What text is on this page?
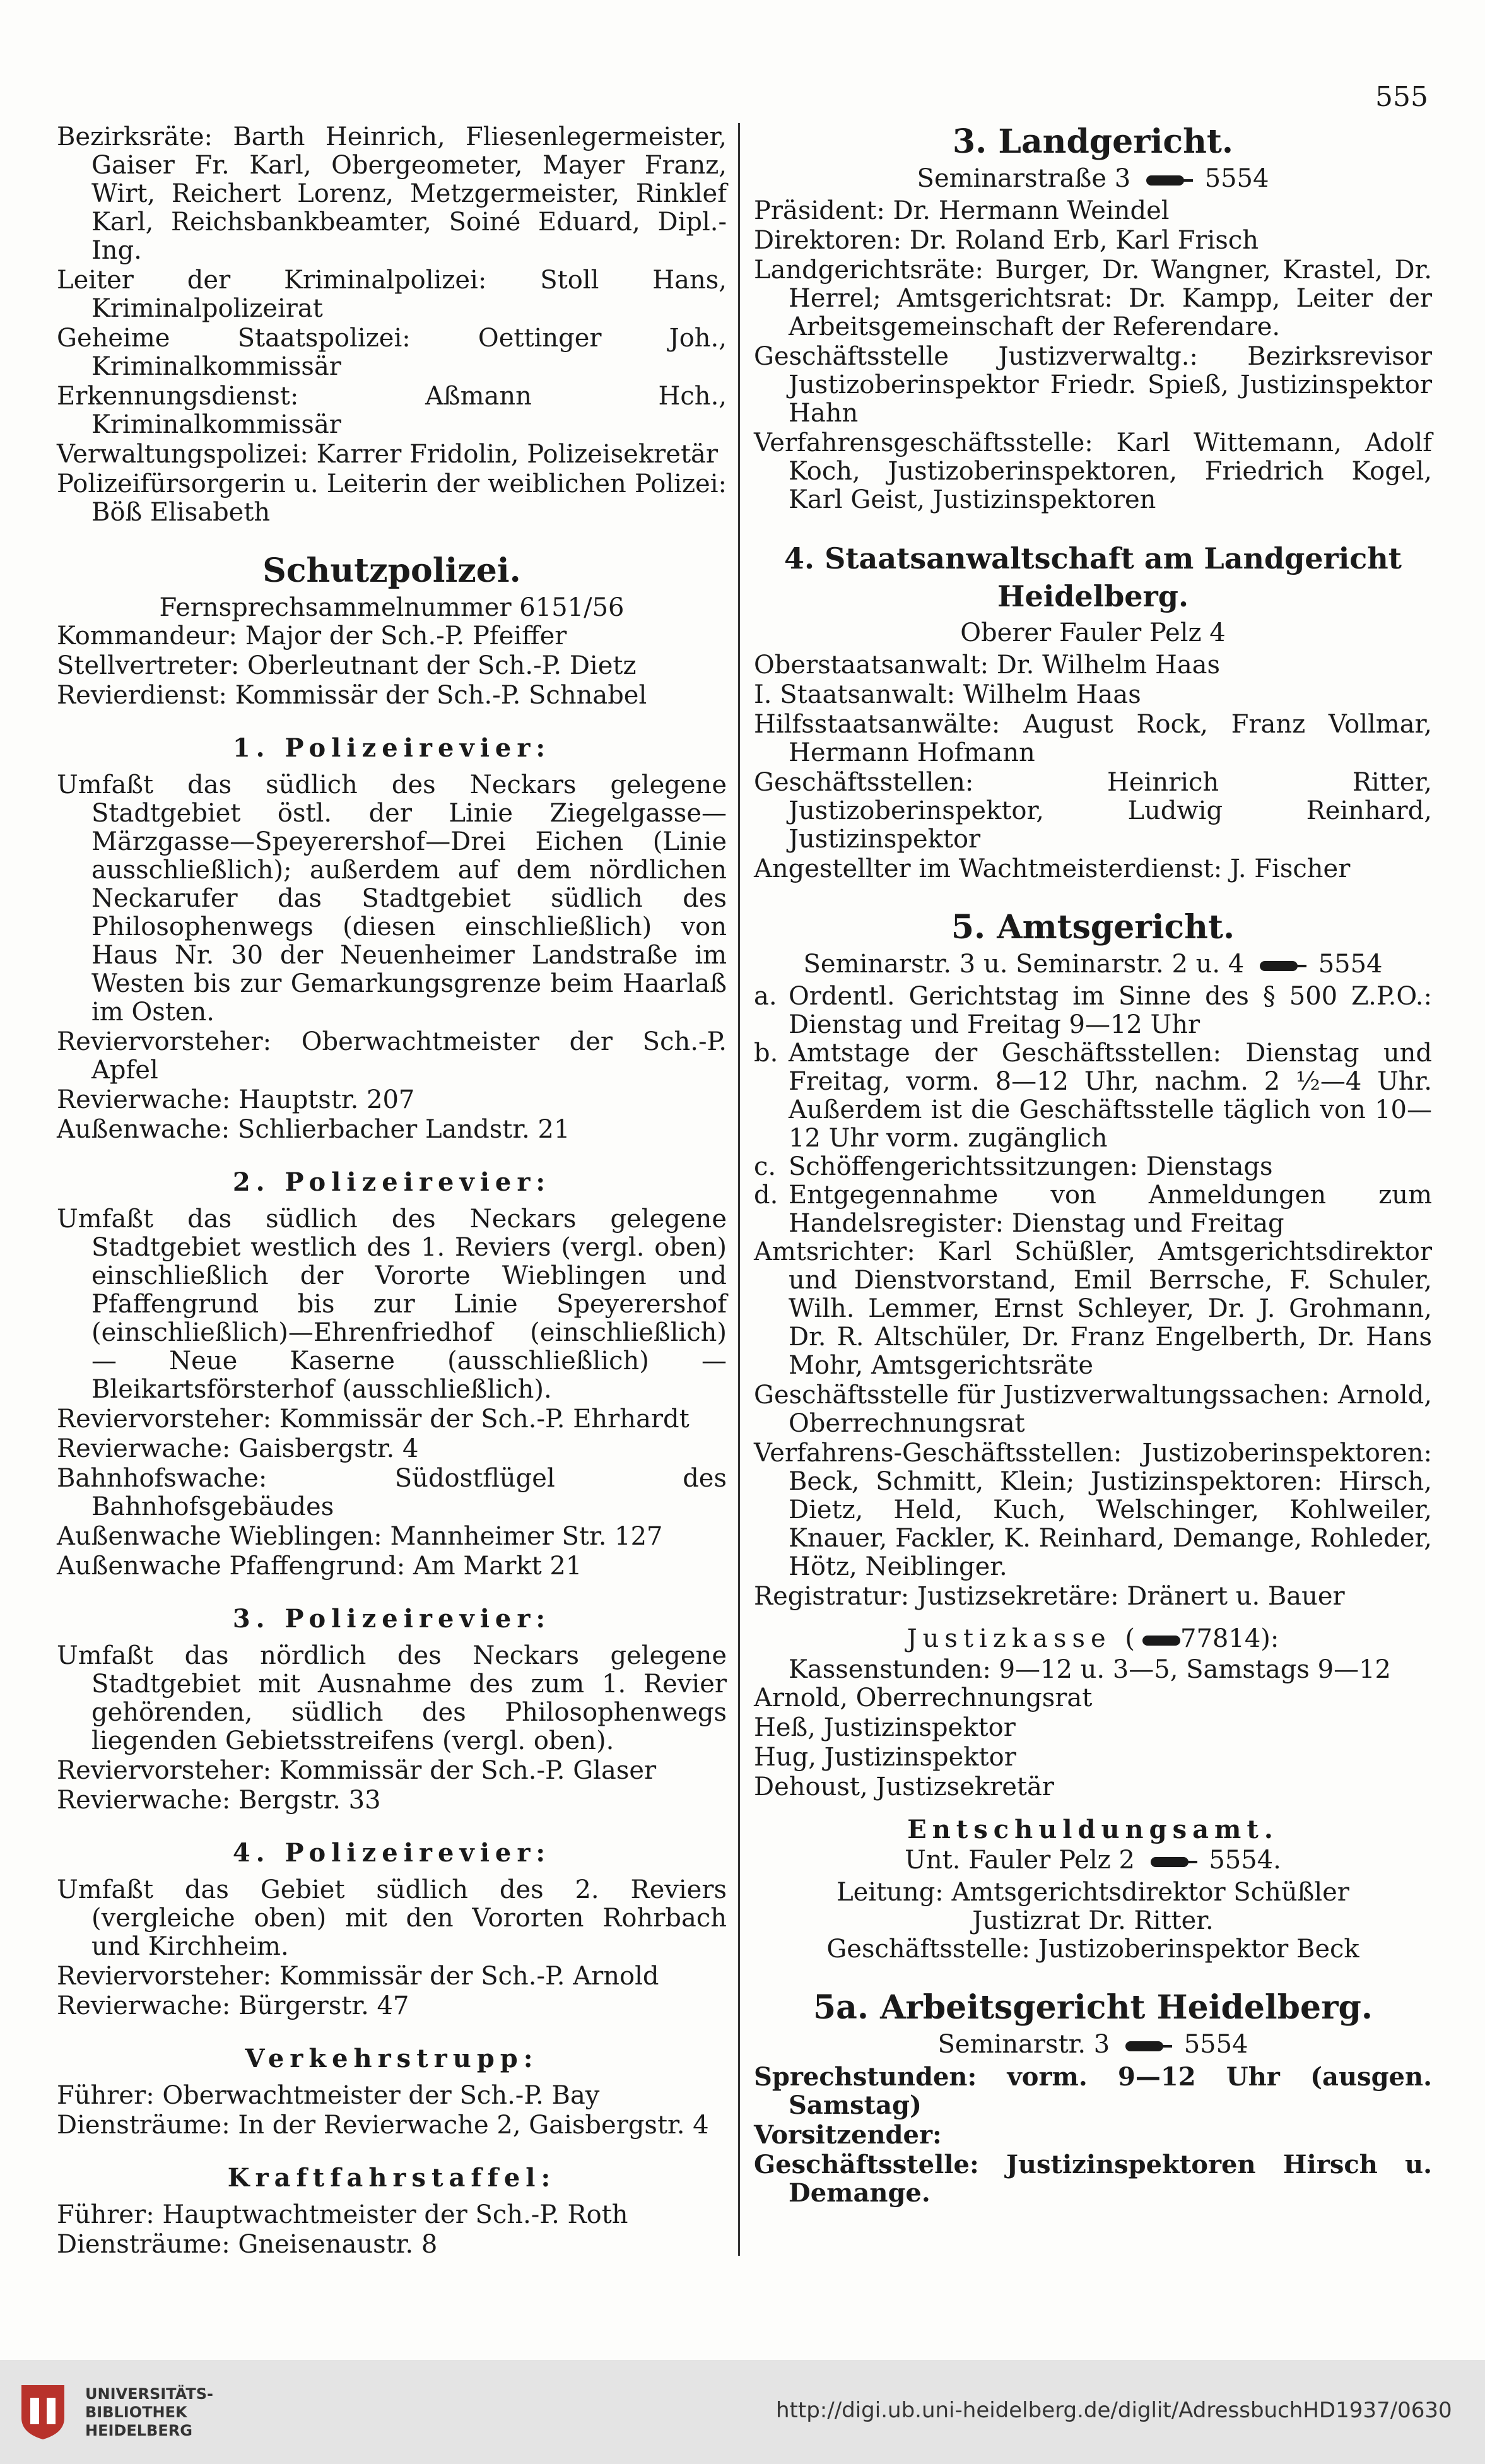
555

Bezirksräte: Barth Heinrich, Fliesenlegermeister, Gaiser Fr. Karl, Obergeometer, Mayer Franz, Wirt, Reichert Lorenz, Metzgermeister, Rinklef Karl, Reichsbankbeamter, Soiné Eduard, Dipl.-Ing.

Leiter der Kriminalpolizei: Stoll Hans, Kriminalpolizeirat

Geheime Staatspolizei: Oettinger Joh., Kriminalkommissär

Erkennungsdienst: Aßmann Hch., Kriminalkommissär

Verwaltungspolizei: Karrer Fridolin, Polizeisekretär

Polizeifürsorgerin u. Leiterin der weiblichen Polizei: Böß Elisabeth

Schutzpolizei.

Fernsprechsammelnummer 6151/56

Kommandeur: Major der Sch.-P. Pfeiffer

Stellvertreter: Oberleutnant der Sch.-P. Dietz

Revierdienst: Kommissär der Sch.-P. Schnabel

1. Polizeirevier:

Umfaßt das südlich des Neckars gelegene Stadtgebiet östl. der Linie Ziegelgasse—Märzgasse—Speyerershof—Drei Eichen (Linie ausschließlich); außerdem auf dem nördlichen Neckarufer das Stadtgebiet südlich des Philosophenwegs (diesen einschließlich) von Haus Nr. 30 der Neuenheimer Landstraße im Westen bis zur Gemarkungsgrenze beim Haarlaß im Osten.

Reviervorsteher: Oberwachtmeister der Sch.-P. Apfel

Revierwache: Hauptstr. 207

Außenwache: Schlierbacher Landstr. 21

2. Polizeirevier:

Umfaßt das südlich des Neckars gelegene Stadtgebiet westlich des 1. Reviers (vergl. oben) einschließlich der Vororte Wieblingen und Pfaffengrund bis zur Linie Speyerershof (einschließlich)—Ehrenfriedhof (einschließlich) — Neue Kaserne (ausschließlich) — Bleikartsförsterhof (ausschließlich).

Reviervorsteher: Kommissär der Sch.-P. Ehrhardt

Revierwache: Gaisbergstr. 4

Bahnhofswache: Südostflügel des Bahnhofsgebäudes

Außenwache Wieblingen: Mannheimer Str. 127

Außenwache Pfaffengrund: Am Markt 21

3. Polizeirevier:

Umfaßt das nördlich des Neckars gelegene Stadtgebiet mit Ausnahme des zum 1. Revier gehörenden, südlich des Philosophenwegs liegenden Gebietsstreifens (vergl. oben).

Reviervorsteher: Kommissär der Sch.-P. Glaser

Revierwache: Bergstr. 33

4. Polizeirevier:

Umfaßt das Gebiet südlich des 2. Reviers (vergleiche oben) mit den Vororten Rohrbach und Kirchheim.

Reviervorsteher: Kommissär der Sch.-P. Arnold

Revierwache: Bürgerstr. 47

Verkehrstrupp:

Führer: Oberwachtmeister der Sch.-P. Bay

Diensträume: In der Revierwache 2, Gaisbergstr. 4

Kraftfahrstaffel:

Führer: Hauptwachtmeister der Sch.-P. Roth

Diensträume: Gneisenaustr. 8

3. Landgericht.

Seminarstraße 3	5554

Präsident: Dr. Hermann Weindel

Direktoren: Dr. Roland Erb, Karl Frisch

Landgerichtsräte: Burger, Dr. Wangner, Krastel, Dr. Herrel; Amtsgerichtsrat: Dr. Kampp, Leiter der Arbeitsgemeinschaft der Referendare.

Geschäftsstelle Justizverwaltg.: Bezirksrevisor Justizoberinspektor Friedr. Spieß, Justizinspektor Hahn

Verfahrensgeschäftsstelle: Karl Wittemann, Adolf Koch, Justizoberinspektoren, Friedrich Kogel, Karl Geist, Justizinspektoren

4. Staatsanwaltschaft am Landgericht Heidelberg.

Oberer Fauler Pelz 4

Oberstaatsanwalt: Dr. Wilhelm Haas

I. Staatsanwalt: Wilhelm Haas

Hilfsstaatsanwälte: August Rock, Franz Vollmar, Hermann Hofmann

Geschäftsstellen: Heinrich Ritter, Justizoberinspektor, Ludwig Reinhard, Justizinspektor

Angestellter im Wachtmeisterdienst: J. Fischer

5. Amtsgericht.

Seminarstr. 3 u. Seminarstr. 2 u. 4	5554

a. Ordentl. Gerichtstag im Sinne des § 500 Z.P.O.: Dienstag und Freitag 9—12 Uhr
b. Amtstage der Geschäftsstellen: Dienstag und Freitag, vorm. 8—12 Uhr, nachm. 2 ½—4 Uhr. Außerdem ist die Geschäftsstelle täglich von 10—12 Uhr vorm. zugänglich
c. Schöffengerichtssitzungen: Dienstags
d. Entgegennahme von Anmeldungen zum Handelsregister: Dienstag und Freitag

Amtsrichter: Karl Schüßler, Amtsgerichtsdirektor und Dienstvorstand, Emil Berrsche, F. Schuler, Wilh. Lemmer, Ernst Schleyer, Dr. J. Grohmann, Dr. R. Altschüler, Dr. Franz Engelberth, Dr. Hans Mohr, Amtsgerichtsräte

Geschäftsstelle für Justizverwaltungssachen: Arnold, Oberrechnungsrat

Verfahrens-Geschäftsstellen: Justizoberinspektoren: Beck, Schmitt, Klein; Justizinspektoren: Hirsch, Dietz, Held, Kuch, Welschinger, Kohlweiler, Knauer, Fackler, K. Reinhard, Demange, Rohleder, Hötz, Neiblinger.

Registratur: Justizsekretäre: Dränert u. Bauer

Justizkasse ( 77814):

Kassenstunden: 9—12 u. 3—5, Samstags 9—12

Arnold, Oberrechnungsrat

Heß, Justizinspektor

Hug, Justizinspektor

Dehoust, Justizsekretär

Entschuldungsamt.

Unt. Fauler Pelz 2	5554.

Leitung: Amtsgerichtsdirektor Schüßler

Justizrat Dr. Ritter.

Geschäftsstelle: Justizoberinspektor Beck

5a. Arbeitsgericht Heidelberg.

Seminarstr. 3	5554

Sprechstunden: vorm. 9—12 Uhr (ausgen. Samstag)

Vorsitzender:

Geschäftsstelle: Justizinspektoren Hirsch u. Demange.

UNIVERSITÄTS-
BIBLIOTHEK
HEIDELBERG
http://digi.ub.uni-heidelberg.de/diglit/AdressbuchHD1937/0630
